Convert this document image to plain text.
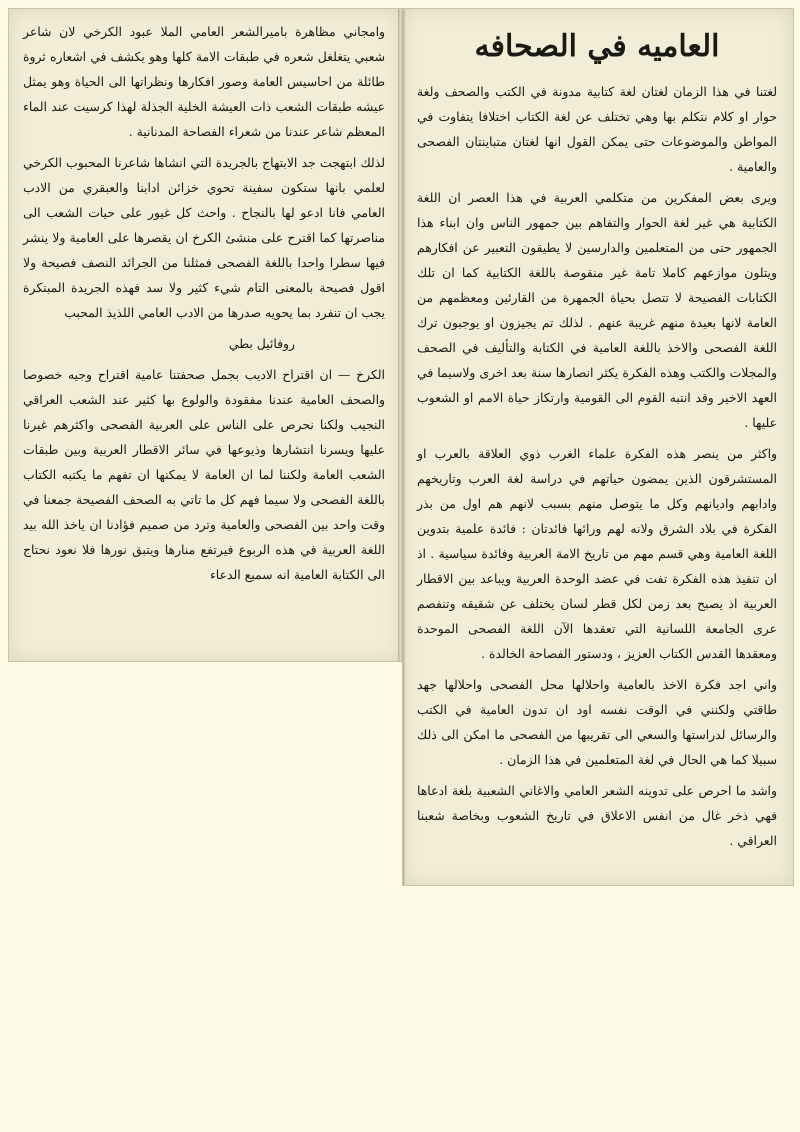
العاميه في الصحافه

لغتنا في هذا الزمان لغتان لغة كتابية مدونة في الكتب والصحف ولغة حوار او كلام نتكلم بها وهي تختلف عن لغة الكتاب اختلافا يتفاوت في المواطن والموضوعات حتى يمكن القول انها لغتان متباينتان الفصحى والعامية .

ويرى بعض المفكرين من متكلمي العربية في هذا العصر ان اللغة الكتابية هي غير لغة الحوار والتفاهم بين جمهور الناس وان ابناء هذا الجمهور حتى من المتعلمين والدارسين لا يطيقون التعبير عن افكارهم ويتلون موازعهم كاملا تامة غير منقوصة باللغة الكتابية كما ان تلك الكتابات الفصيحة لا تتصل بحياة الجمهرة من القارئين ومعظمهم من العامة لانها بعيدة منهم غريبة عنهم . لذلك تم يجيزون او يوجبون ترك اللغة الفصحى والاخذ باللغة العامية في الكتابة والتأليف في الصحف والمجلات والكتب وهذه الفكرة يكثر انصارها سنة بعد اخرى ولاسيما في العهد الاخير وقد انتبه القوم الى القومية وارتكاز حياة الامم او الشعوب عليها .

واكثر من ينصر هذه الفكرة علماء الغرب ذوي العلاقة بالعرب او المستشرقون الذين يمضون حياتهم في دراسة لغة العرب وتاريخهم وادابهم واديانهم وكل ما يتوصل منهم بسبب لانهم هم اول من بذر الفكرة في بلاد الشرق ولانه لهم ورائها فائدتان : فائدة علمية بتدوين اللغة العامية وهي قسم مهم من تاريخ الامة العربية وفائدة سياسية . اذ ان تنفيذ هذه الفكرة تفت في عضد الوحدة العربية ويباعد بين الاقطار العربية اذ يصبح بعد زمن لكل قطر لسان يختلف عن شقيقه وتنفصم عرى الجامعة اللسانية التي تعقدها الآن اللغة الفصحى الموحدة ومعقدها القدس الكتاب العزيز ، ودستور الفصاحة الخالدة .

واني اجد فكرة الاخذ بالعامية واحلالها محل الفصحى واحلالها جهد طاقتي ولكنني في الوقت نفسه اود ان تدون العامية في الكتب والرسائل لدراستها والسعي الى تقريبها من الفصحى ما امكن الى ذلك سبيلا كما هي الحال في لغة المتعلمين في هذا الزمان .

واشد ما احرص على تدوينه الشعر العامي والاغاني الشعبية بلغة ادعاها فهي ذخر غال من انفس الاعلاق في تاريخ الشعوب وبخاصة شعبنا العراقي .

وامجاني مظاهرة باميرالشعر العامي الملا عبود الكرخي لان شاعر شعبي يتغلغل شعره في طبقات الامة كلها وهو يكشف في اشعاره ثروة طائلة من احاسيس العامة وصور افكارها ونظراتها الى الحياة وهو يمثل عيشه طبقات الشعب ذات العيشة الخلية الجذلة لهذا كرسيت عند الماء المعظم شاعر عندنا من شعراء الفصاحة المدنانية .

لذلك ابتهجت جد الابتهاج بالجريدة التي انشاها شاعرنا المحبوب الكرخي لعلمي بانها ستكون سفينة تحوي خزائن ادابنا والعبقري من الادب العامي فانا ادعو لها بالنجاح . واحث كل غيور على حيات الشعب الى مناصرتها كما اقترح على منشئ الكرخ ان يقصرها على العامية ولا ينشر فيها سطرا واحدا باللغة الفصحى فمثلنا من الجرائد النصف فصيحة ولا اقول فصيحة بالمعنى التام شيء كثير ولا سد فهذه الجريدة المبتكرة يجب ان تنفرد بما يحويه صدرها من الادب العامي اللذيذ المحبب

روفائيل بطي

الكرخ — ان اقتراح الاديب بجمل صحفتنا عامية اقتراح وجيه خصوصا والصحف العامية عندنا مفقودة والولوع بها كثير عند الشعب العراقي النجيب ولكنا نحرص على الناس على العربية الفصحى واكثرهم غيرنا عليها ويسرنا انتشارها وذيوعها في سائر الاقطار العربية وبين طبقات الشعب العامة ولكننا لما ان العامة لا يمكنها ان تفهم ما يكتبه الكتاب باللغة الفصحى ولا سيما فهم كل ما تاتي به الصحف الفصيحة جمعنا في وقت واحد بين الفصحى والعامية وترد من صميم فؤادنا ان ياخذ الله بيد اللغة العربية في هذه الربوع فيرتفع منارها ويتبق نورها فلا نعود نحتاج الى الكتابة العامية انه سميع الدعاء
